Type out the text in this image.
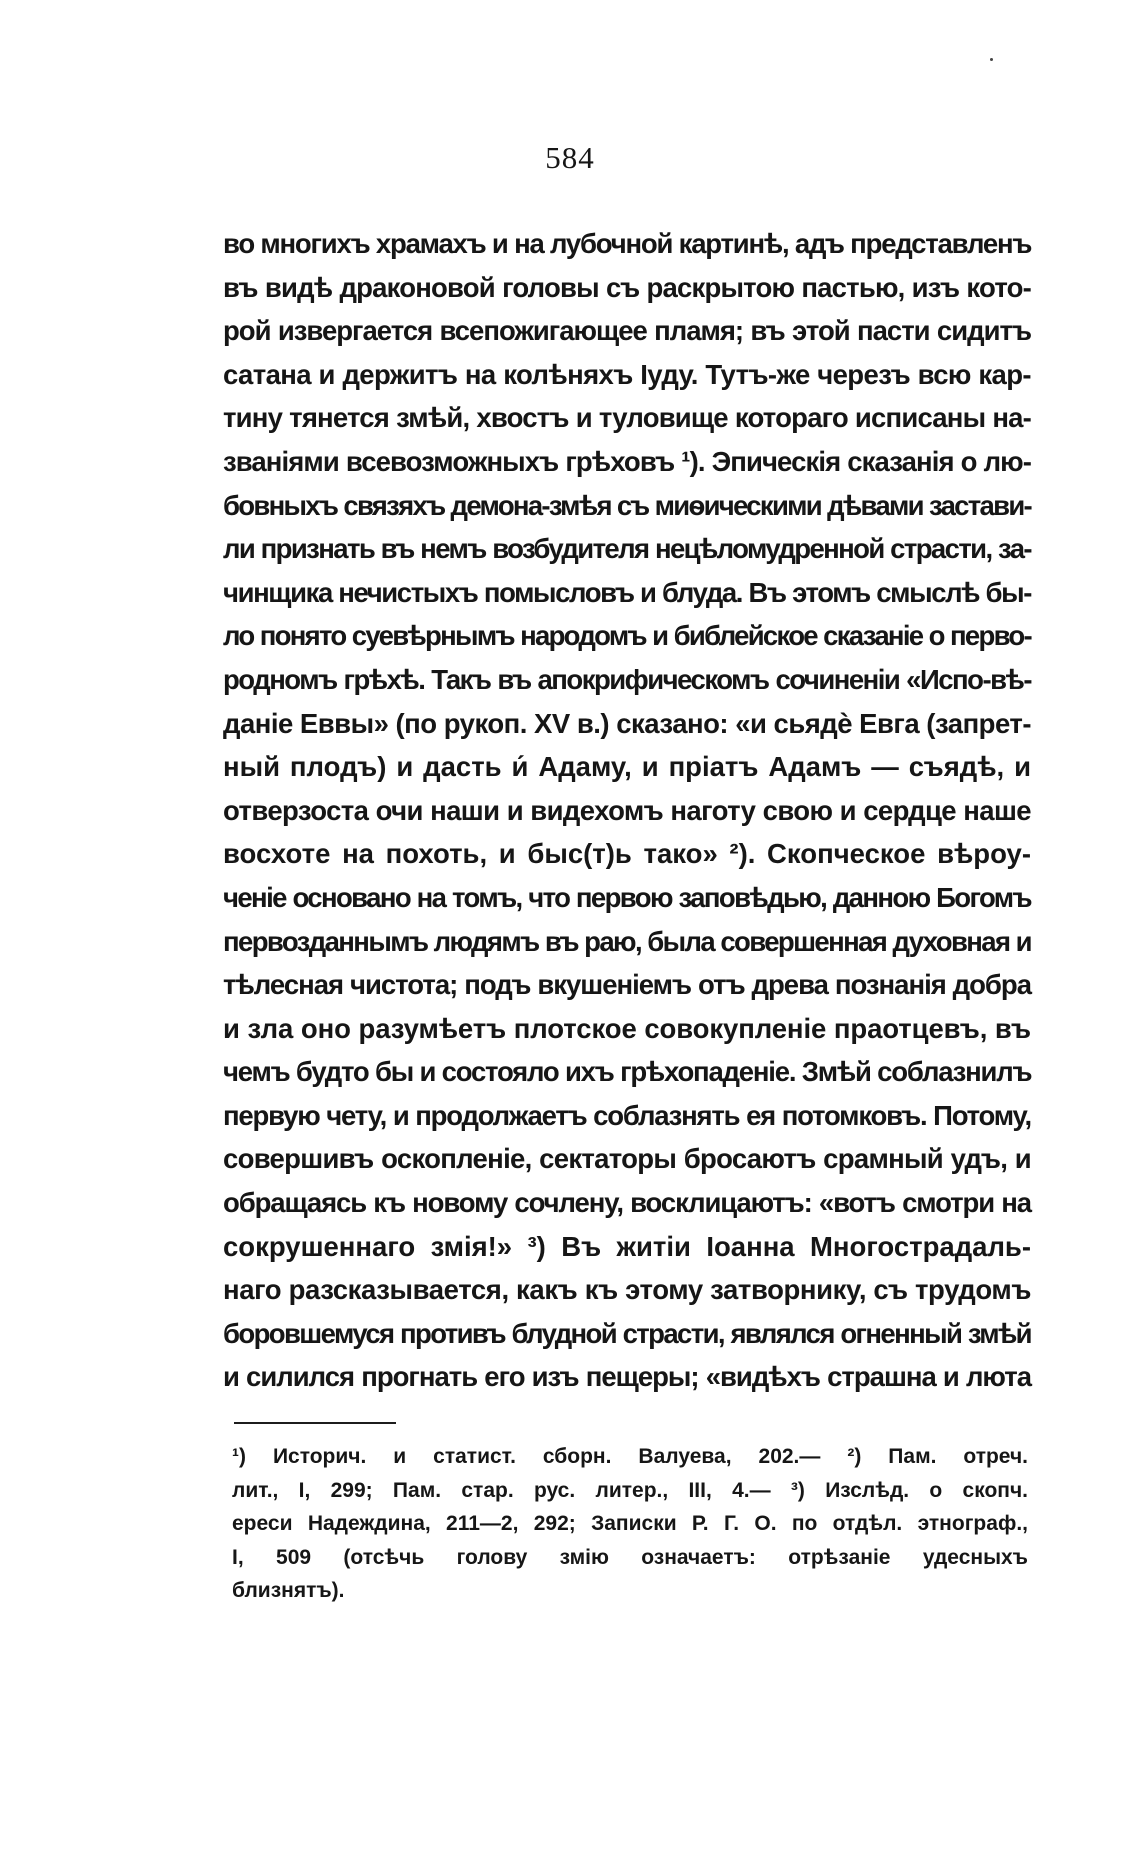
584
во многихъ храмахъ и на лубочной картинѣ, адъ представленъ
въ видѣ драконовой головы съ раскрытою пастью, изъ кото-
рой извергается всепожигающее пламя; въ этой пасти сидитъ
сатана и держитъ на колѣняхъ Іуду. Тутъ-же черезъ всю кар-
тину тянется змѣй, хвостъ и туловище котораго исписаны на-
званіями всевозможныхъ грѣховъ ¹). Эпическія сказанія о лю-
бовныхъ связяхъ демона-змѣя съ миѳическими дѣвами застави-
ли признать въ немъ возбудителя нецѣломудренной страсти, за-
чинщика нечистыхъ помысловъ и блуда. Въ этомъ смыслѣ бы-
ло понято суевѣрнымъ народомъ и библейское сказаніе о перво-
родномъ грѣхѣ. Такъ въ апокрифическомъ сочиненіи «Испо-вѣ-
даніе Еввы» (по рукоп. XV в.) сказано: «и сьядѐ Евга (запрет-
ный плодъ) и дасть и́ Адаму, и пріатъ Адамъ — съядѣ, и
отверзоста очи наши и видехомъ наготу свою и сердце наше
восхоте на похоть, и быс(т)ь тако» ²). Скопческое вѣроу-
ченіе основано на томъ, что первою заповѣдью, данною Богомъ
первозданнымъ людямъ въ раю, была совершенная духовная и
тѣлесная чистота; подъ вкушеніемъ отъ древа познанія добра
и зла оно разумѣетъ плотское совокупленіе праотцевъ, въ
чемъ будто бы и состояло ихъ грѣхопаденіе. Змѣй соблазнилъ
первую чету, и продолжаетъ соблазнять ея потомковъ. Потому,
совершивъ оскопленіе, сектаторы бросаютъ срамный удъ, и
обращаясь къ новому сочлену, восклицаютъ: «вотъ смотри на
сокрушеннаго змія!» ³) Въ житіи Іоанна Многострадаль-
наго разсказывается, какъ къ этому затворнику, съ трудомъ
боровшемуся противъ блудной страсти, являлся огненный змѣй
и силился прогнать его изъ пещеры; «видѣхъ страшна и люта
¹) Историч. и статист. сборн. Валуева, 202.— ²) Пам. отреч.
лит., I, 299; Пам. стар. рус. литер., III, 4.— ³) Изслѣд. о скопч.
ереси Надеждина, 211—2, 292; Записки Р. Г. О. по отдѣл. этнограф.,
I, 509 (отсѣчь голову змію означаетъ: отрѣзаніе удесныхъ
близнятъ).
